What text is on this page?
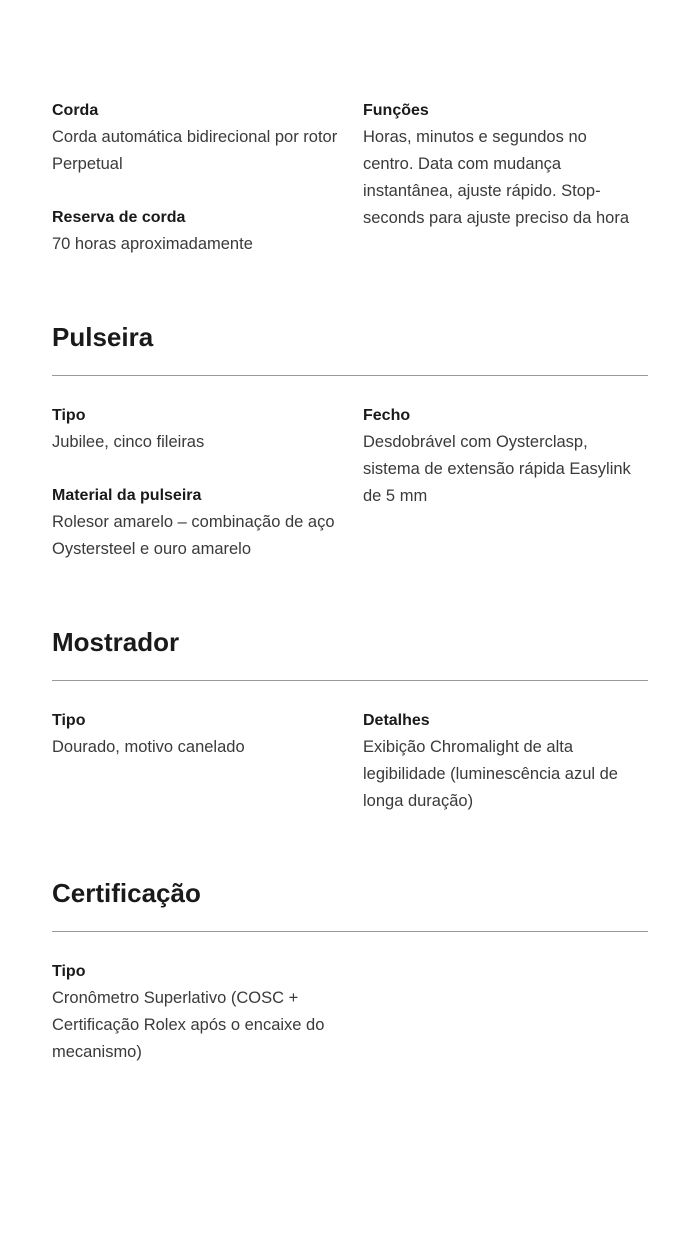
Corda

Corda automática bidirecional por rotor Perpetual

Reserva de corda

70 horas aproximadamente

Funções

Horas, minutos e segundos no centro. Data com mudança instantânea, ajuste rápido. Stop-seconds para ajuste preciso da hora

Pulseira

Tipo

Jubilee, cinco fileiras

Material da pulseira

Rolesor amarelo – combinação de aço Oystersteel e ouro amarelo

Fecho

Desdobrável com Oysterclasp, sistema de extensão rápida Easylink de 5 mm

Mostrador

Tipo

Dourado, motivo canelado

Detalhes

Exibição Chromalight de alta legibilidade (luminescência azul de longa duração)

Certificação

Tipo

Cronômetro Superlativo (COSC + Certificação Rolex após o encaixe do mecanismo)
